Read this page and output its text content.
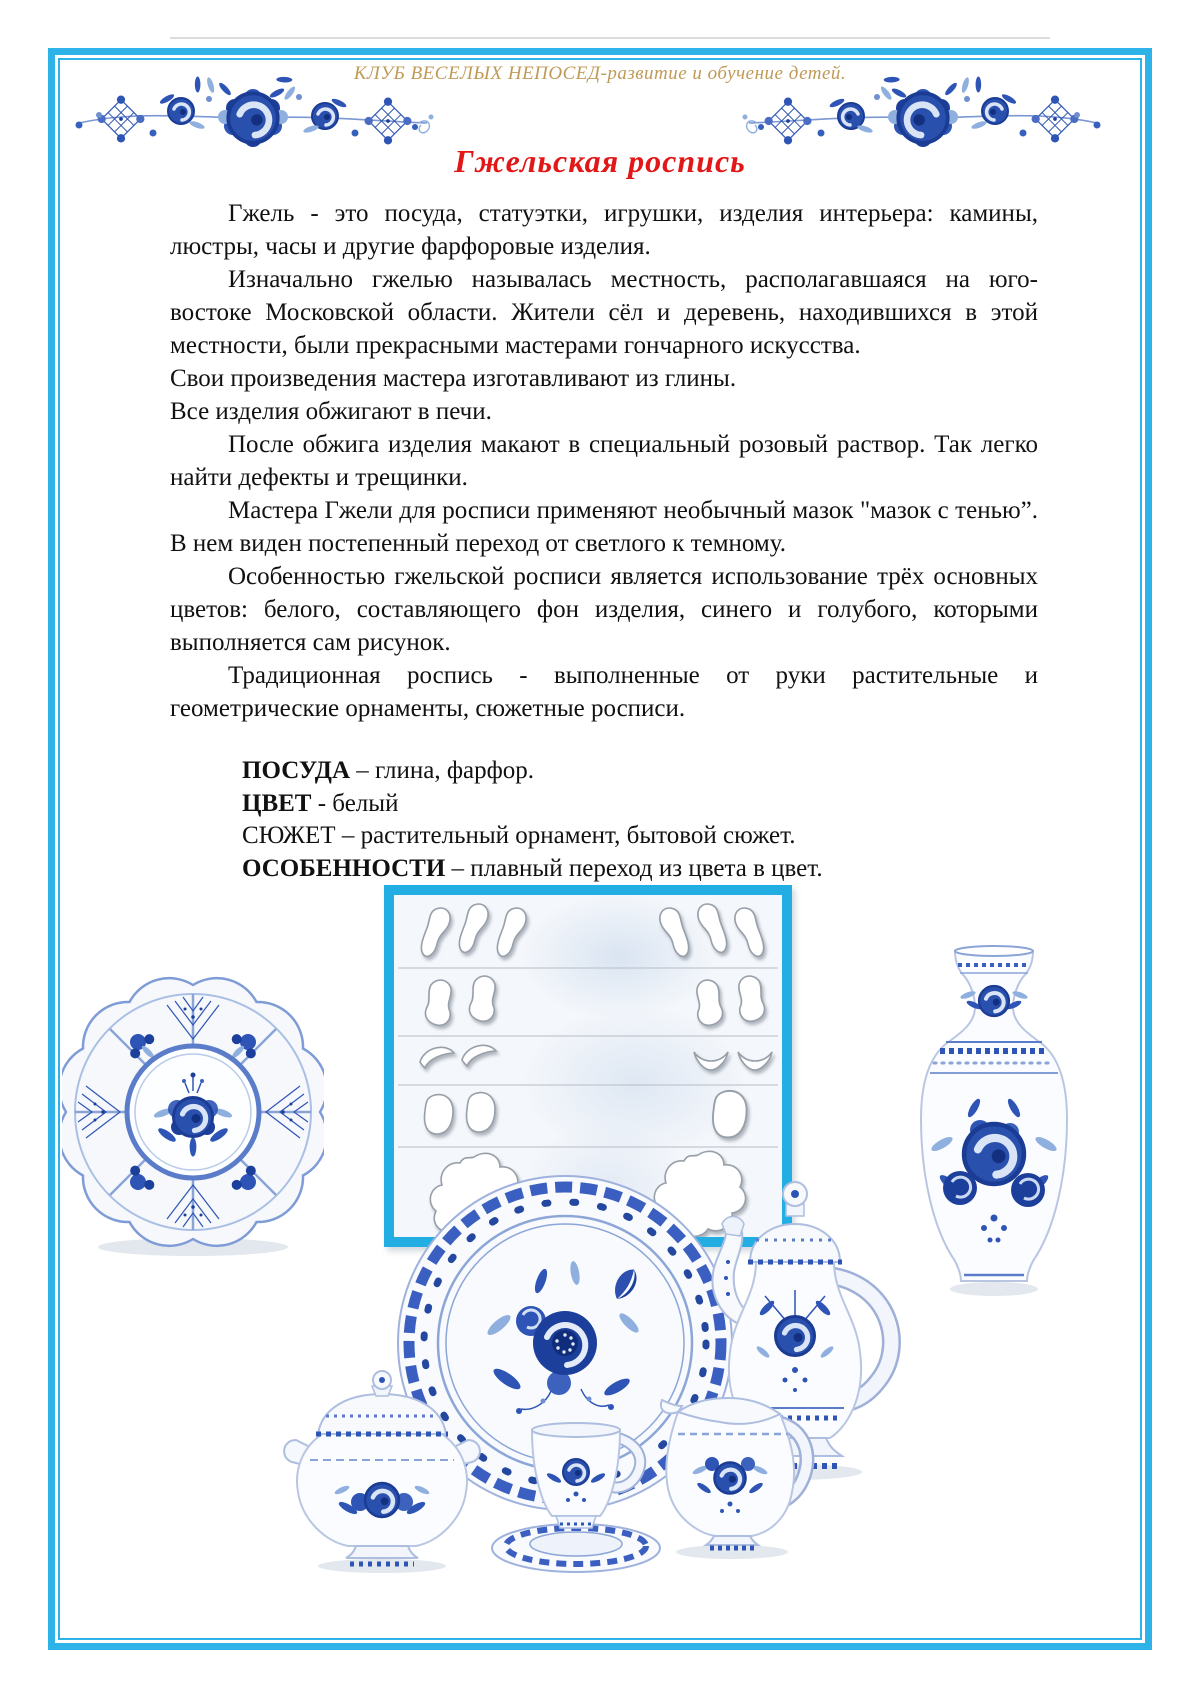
КЛУБ ВЕСЕЛЫХ НЕПОСЕД-развитие и обучение детей.
Гжельская роспись

Гжель - это посуда, статуэтки, игрушки, изделия интерьера: камины, люстры, часы и другие фарфоровые изделия.

Изначально гжелью называлась местность, располагавшаяся на юго-востоке Московской области. Жители сёл и деревень, находившихся в этой местности, были прекрасными мастерами гончарного искусства.

Свои произведения мастера изготавливают из глины.

Все изделия обжигают в печи.

После обжига изделия макают в специальный розовый раствор. Так легко найти дефекты и трещинки.

Мастера Гжели для росписи применяют необычный мазок "мазок с тенью”. В нем виден постепенный переход от светлого к темному.

Особенностью гжельской росписи является использование трёх основных цветов: белого, составляющего фон изделия, синего и голубого, которыми выполняется сам рисунок.

Традиционная роспись - выполненные от руки растительные и геометрические орнаменты, сюжетные росписи.

ПОСУДА – глина, фарфор.
ЦВЕТ - белый
СЮЖЕТ – растительный орнамент, бытовой сюжет.
ОСОБЕННОСТИ – плавный переход из цвета в цвет.
